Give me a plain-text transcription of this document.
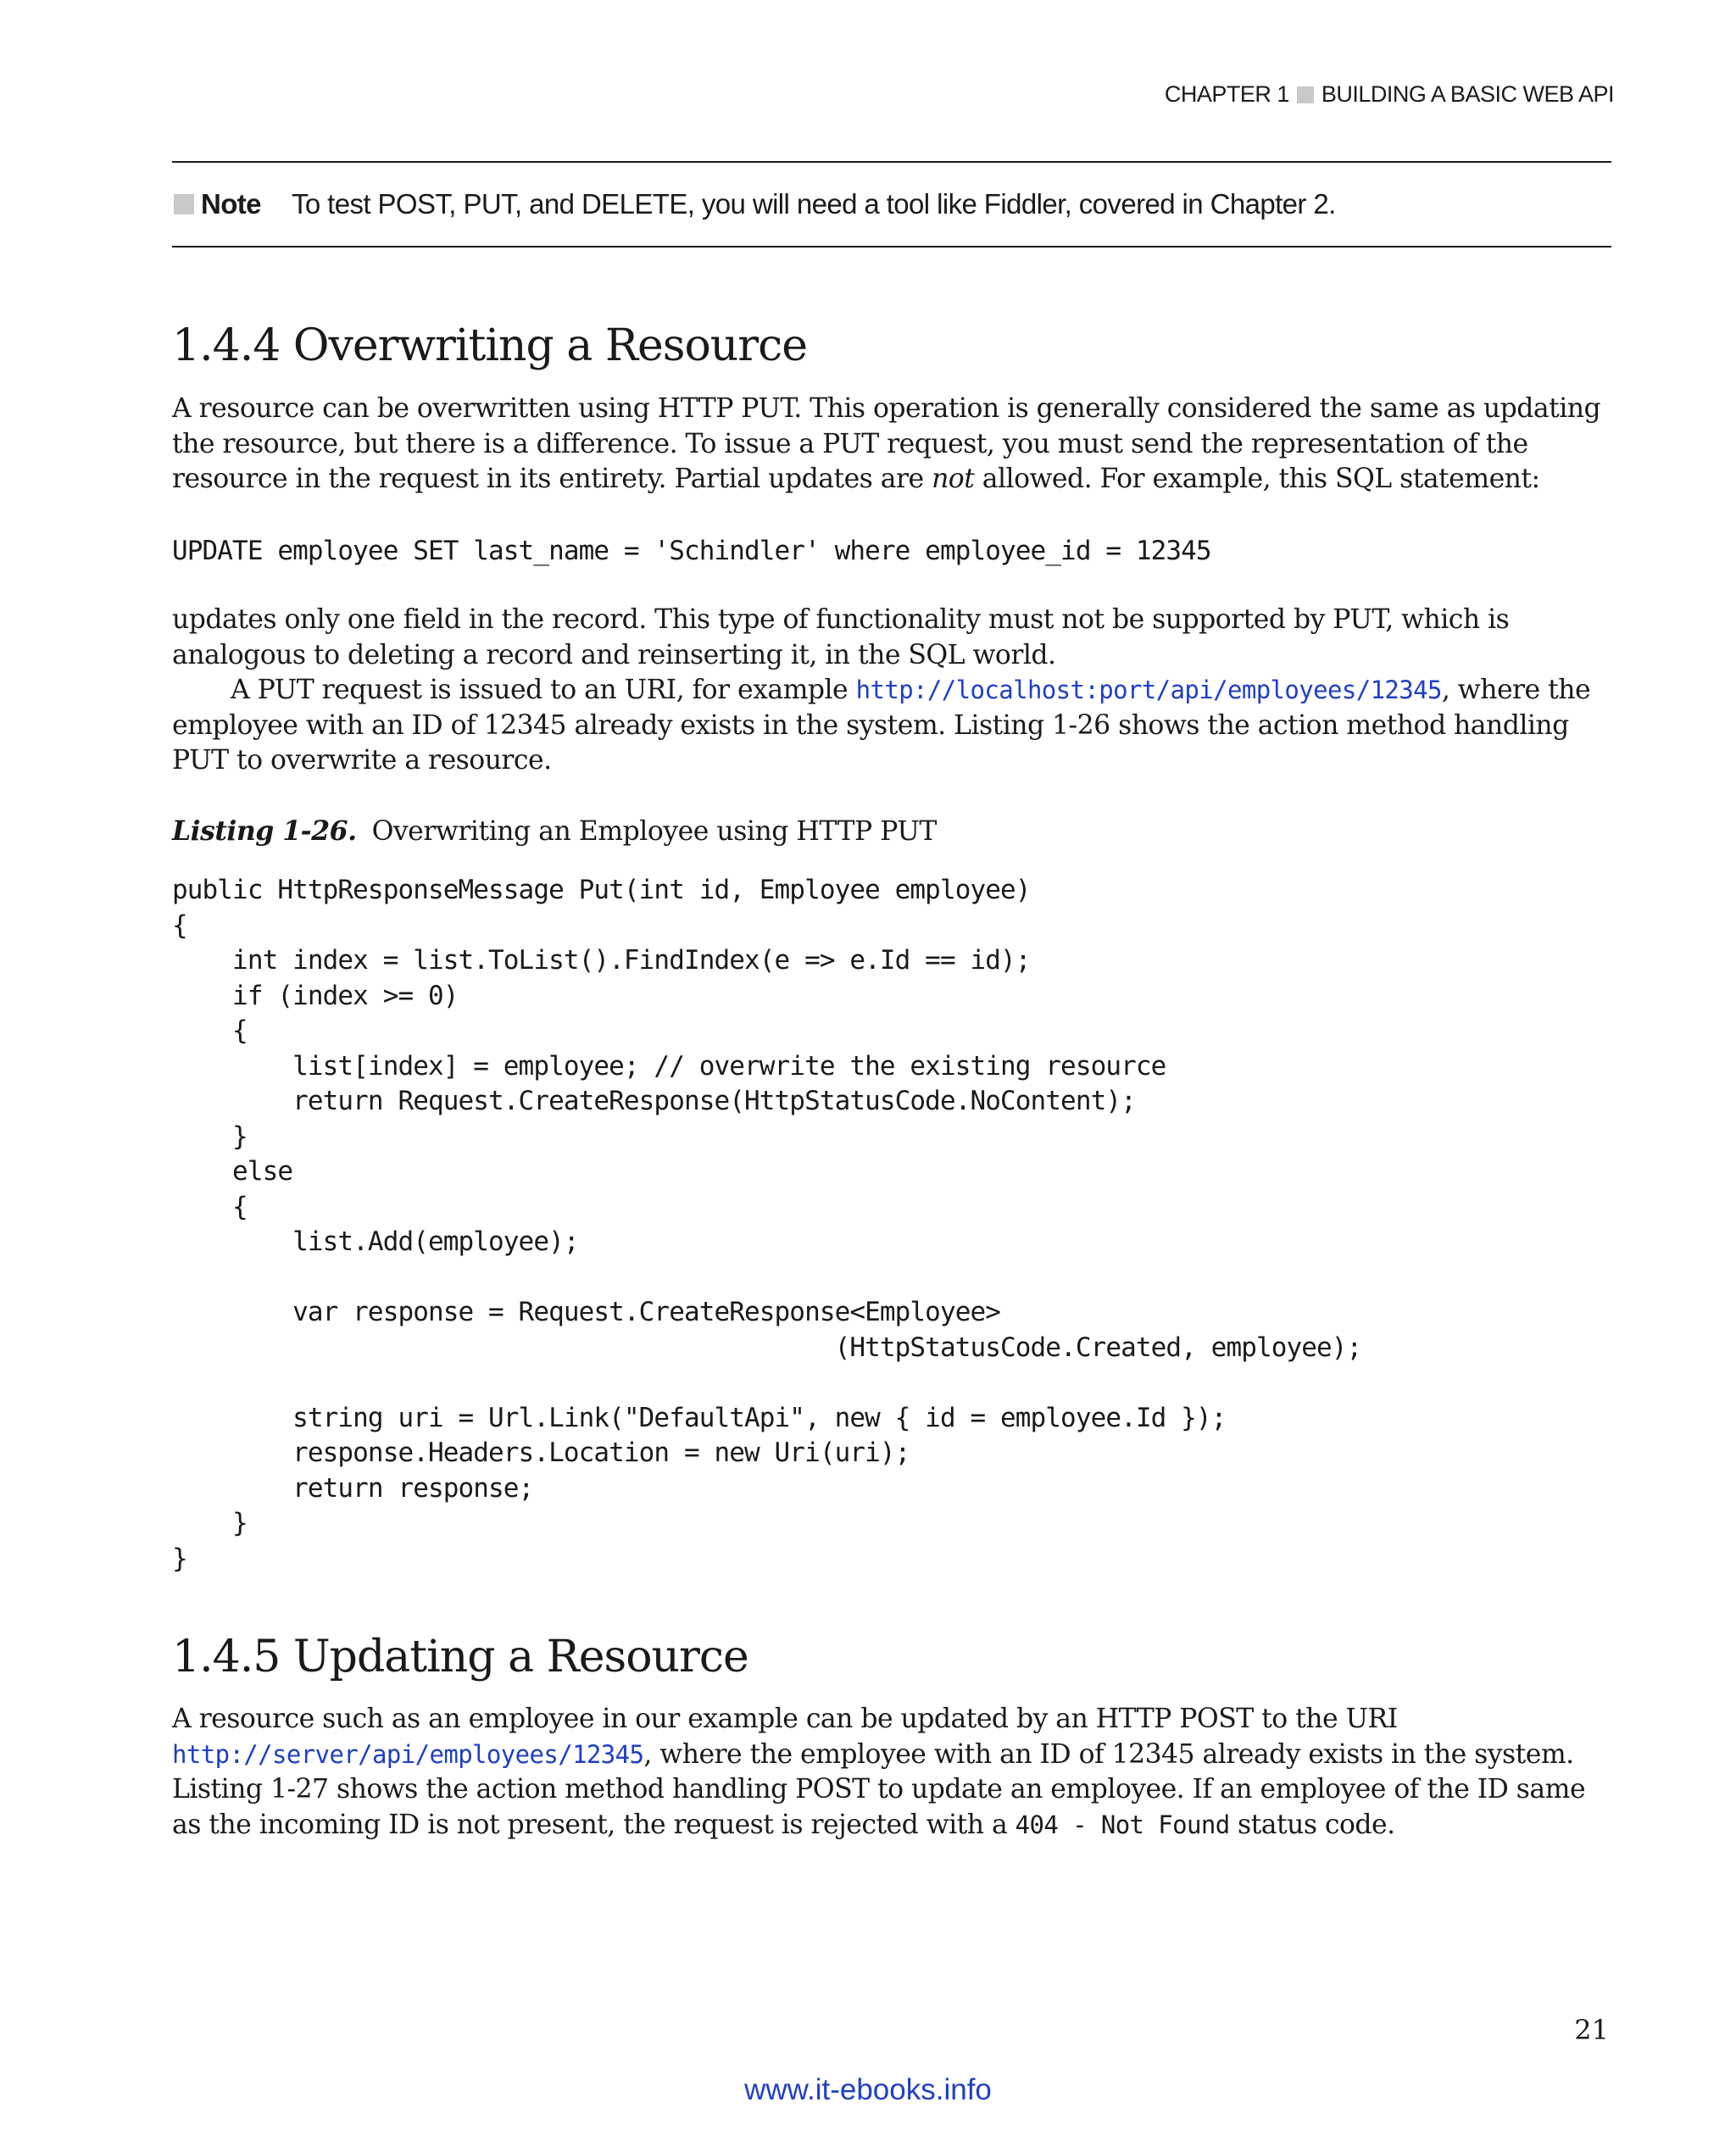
CHAPTER 1 BUILDING A BASIC WEB API
Note To test POST, PUT, and DELETE, you will need a tool like Fiddler, covered in Chapter 2.
1.4.4 Overwriting a Resource

A resource can be overwritten using HTTP PUT. This operation is generally considered the same as updating the resource, but there is a difference. To issue a PUT request, you must send the representation of the resource in the request in its entirety. Partial updates are not allowed. For example, this SQL statement:

UPDATE employee SET last_name = 'Schindler' where employee_id = 12345

updates only one field in the record. This type of functionality must not be supported by PUT, which is analogous to deleting a record and reinserting it, in the SQL world.
A PUT request is issued to an URI, for example http://localhost:port/api/employees/12345, where the employee with an ID of 12345 already exists in the system. Listing 1-26 shows the action method handling PUT to overwrite a resource.

Listing 1-26. Overwriting an Employee using HTTP PUT
public HttpResponseMessage Put(int id, Employee employee)
{
int index = list.ToList().FindIndex(e => e.Id == id);
if (index >= 0)
{
list[index] = employee; // overwrite the existing resource
return Request.CreateResponse(HttpStatusCode.NoContent);
}
else
{
list.Add(employee);

var response = Request.CreateResponse<Employee>
(HttpStatusCode.Created, employee);

string uri = Url.Link("DefaultApi", new { id = employee.Id });
response.Headers.Location = new Uri(uri);
return response;
}
}
1.4.5 Updating a Resource

A resource such as an employee in our example can be updated by an HTTP POST to the URI http://server/api/employees/12345, where the employee with an ID of 12345 already exists in the system. Listing 1-27 shows the action method handling POST to update an employee. If an employee of the ID same as the incoming ID is not present, the request is rejected with a 404 - Not Found status code.

21
www.it-ebooks.info
